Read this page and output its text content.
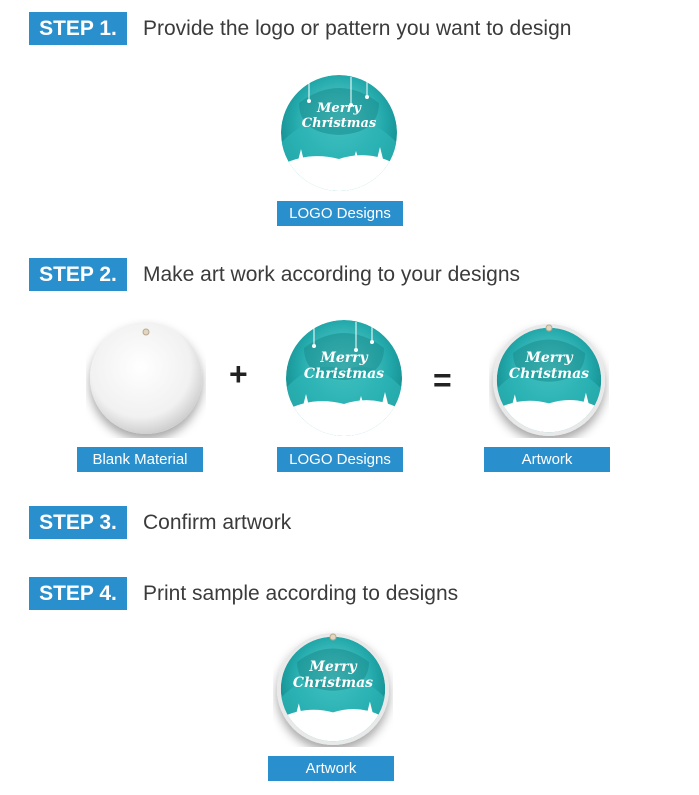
STEP 1.	Provide the logo or pattern you want to design
Merry
Christmas
LOGO Designs
STEP 2.	Make art work according to your designs
Blank Material
+	Merry
Christmas
LOGO Designs
=
Merry
Christmas
Artwork
STEP 3.	Confirm artwork
STEP 4.	Print sample according to designs
Merry
Christmas
Artwork
